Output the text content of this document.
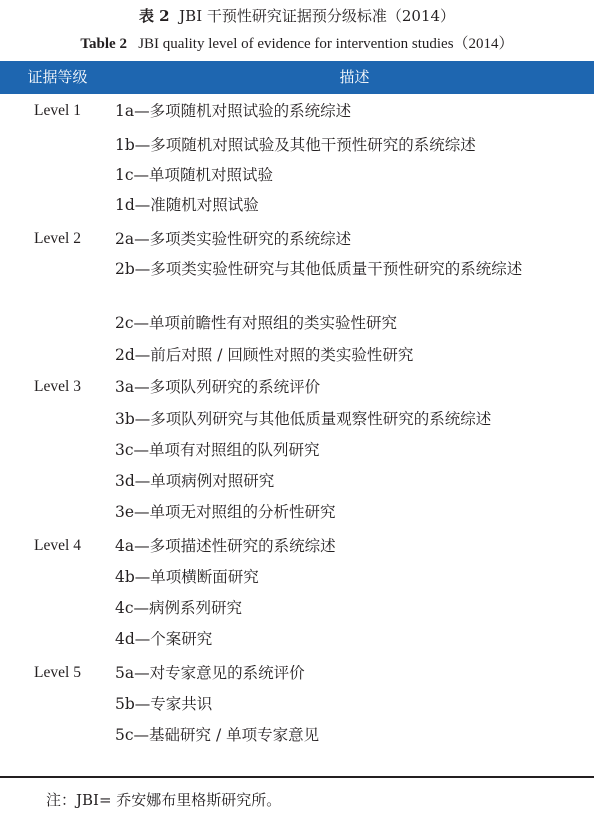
表 2 JBI 干预性研究证据预分级标准（2014）
Table 2 JBI quality level of evidence for intervention studies（2014）
证据等级	描述
Level 1	1a—多项随机对照试验的系统综述
1b—多项随机对照试验及其他干预性研究的系统综述
1c—单项随机对照试验
1d—准随机对照试验
Level 2	2a—多项类实验性研究的系统综述
2b—多项类实验性研究与其他低质量干预性研究的系统综述
2c—单项前瞻性有对照组的类实验性研究
2d—前后对照 / 回顾性对照的类实验性研究
Level 3	3a—多项队列研究的系统评价
3b—多项队列研究与其他低质量观察性研究的系统综述
3c—单项有对照组的队列研究
3d—单项病例对照研究
3e—单项无对照组的分析性研究
Level 4	4a—多项描述性研究的系统综述
4b—单项横断面研究
4c—病例系列研究
4d—个案研究
Level 5	5a—对专家意见的系统评价
5b—专家共识
5c—基础研究 / 单项专家意见
注：JBI= 乔安娜布里格斯研究所。
